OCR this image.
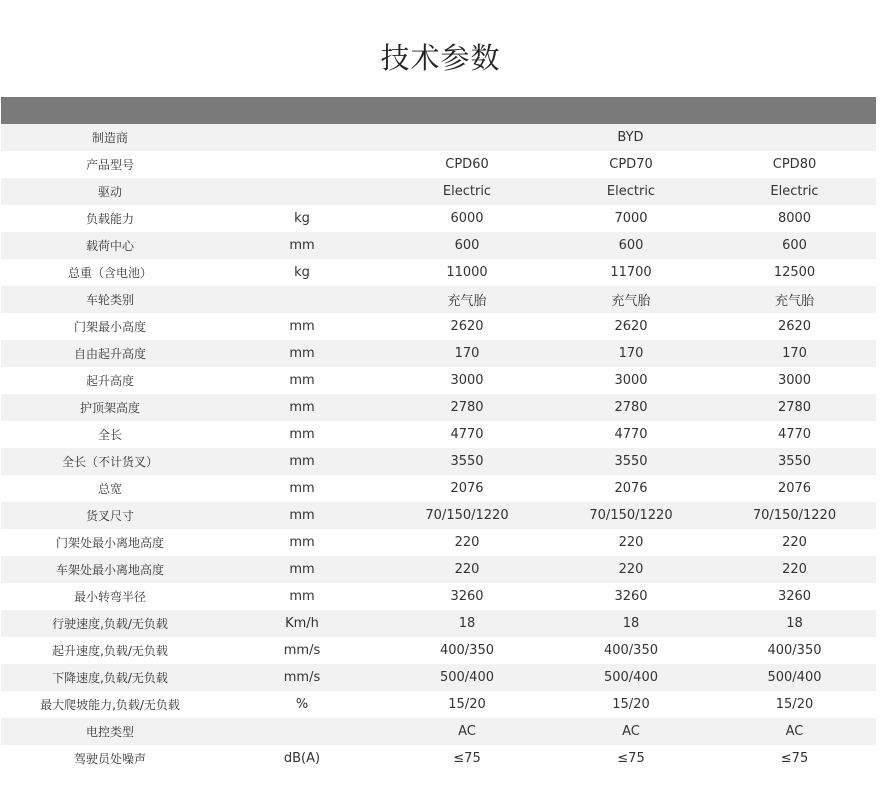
技术参数

制造商		BYD		
产品型号		CPD60	CPD70	CPD80
驱动		Electric	Electric	Electric
负载能力	kg	6000	7000	8000
载荷中心	mm	600	600	600
总重（含电池）	kg	11000	11700	12500
车轮类别		充气胎	充气胎	充气胎
门架最小高度	mm	2620	2620	2620
自由起升高度	mm	170	170	170
起升高度	mm	3000	3000	3000
护顶架高度	mm	2780	2780	2780
全长	mm	4770	4770	4770
全长（不计货叉）	mm	3550	3550	3550
总宽	mm	2076	2076	2076
货叉尺寸	mm	70/150/1220	70/150/1220	70/150/1220
门架处最小离地高度	mm	220	220	220
车架处最小离地高度	mm	220	220	220
最小转弯半径	mm	3260	3260	3260
行驶速度,负载/无负载	Km/h	18	18	18
起升速度,负载/无负载	mm/s	400/350	400/350	400/350
下降速度,负载/无负载	mm/s	500/400	500/400	500/400
最大爬坡能力,负载/无负载	%	15/20	15/20	15/20
电控类型		AC	AC	AC
驾驶员处噪声	dB(A)	≤75	≤75	≤75
